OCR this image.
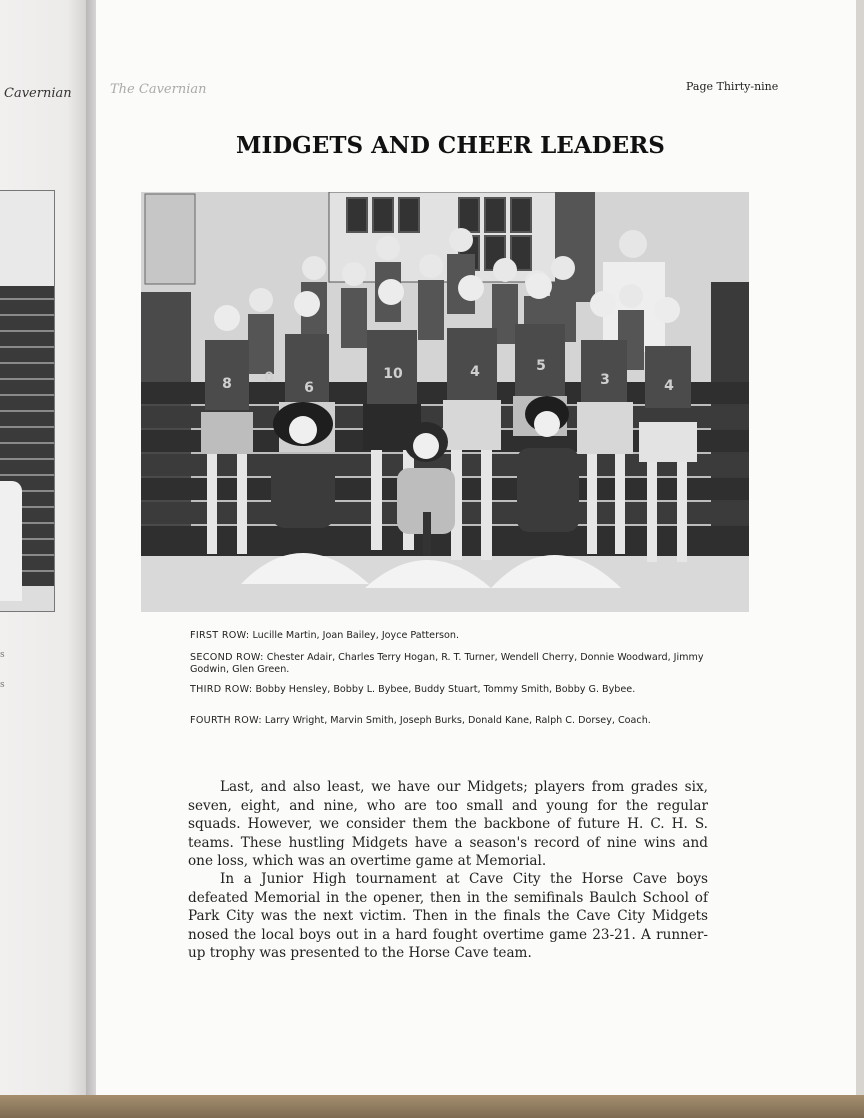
Cavernian
s
s
The Cavernian	Page Thirty-nine
MIDGETS AND CHEER LEADERS
8 0
6
10	4	5
3	4
FIRST ROW: Lucille Martin, Joan Bailey, Joyce Patterson.
SECOND ROW: Chester Adair, Charles Terry Hogan, R. T. Turner, Wendell Cherry, Donnie Woodward, Jimmy Godwin, Glen Green.
THIRD ROW: Bobby Hensley, Bobby L. Bybee, Buddy Stuart, Tommy Smith, Bobby G. Bybee.
FOURTH ROW: Larry Wright, Marvin Smith, Joseph Burks, Donald Kane, Ralph C. Dorsey, Coach.

Last, and also least, we have our Midgets; players from grades six, seven, eight, and nine, who are too small and young for the regular squads. However, we consider them the backbone of future H. C. H. S. teams. These hustling Midgets have a season's record of nine wins and one loss, which was an overtime game at Memorial.

In a Junior High tournament at Cave City the Horse Cave boys defeated Memorial in the opener, then in the semifinals Baulch School of Park City was the next victim. Then in the finals the Cave City Midgets nosed the local boys out in a hard fought overtime game 23-21. A runner-up trophy was presented to the Horse Cave team.
